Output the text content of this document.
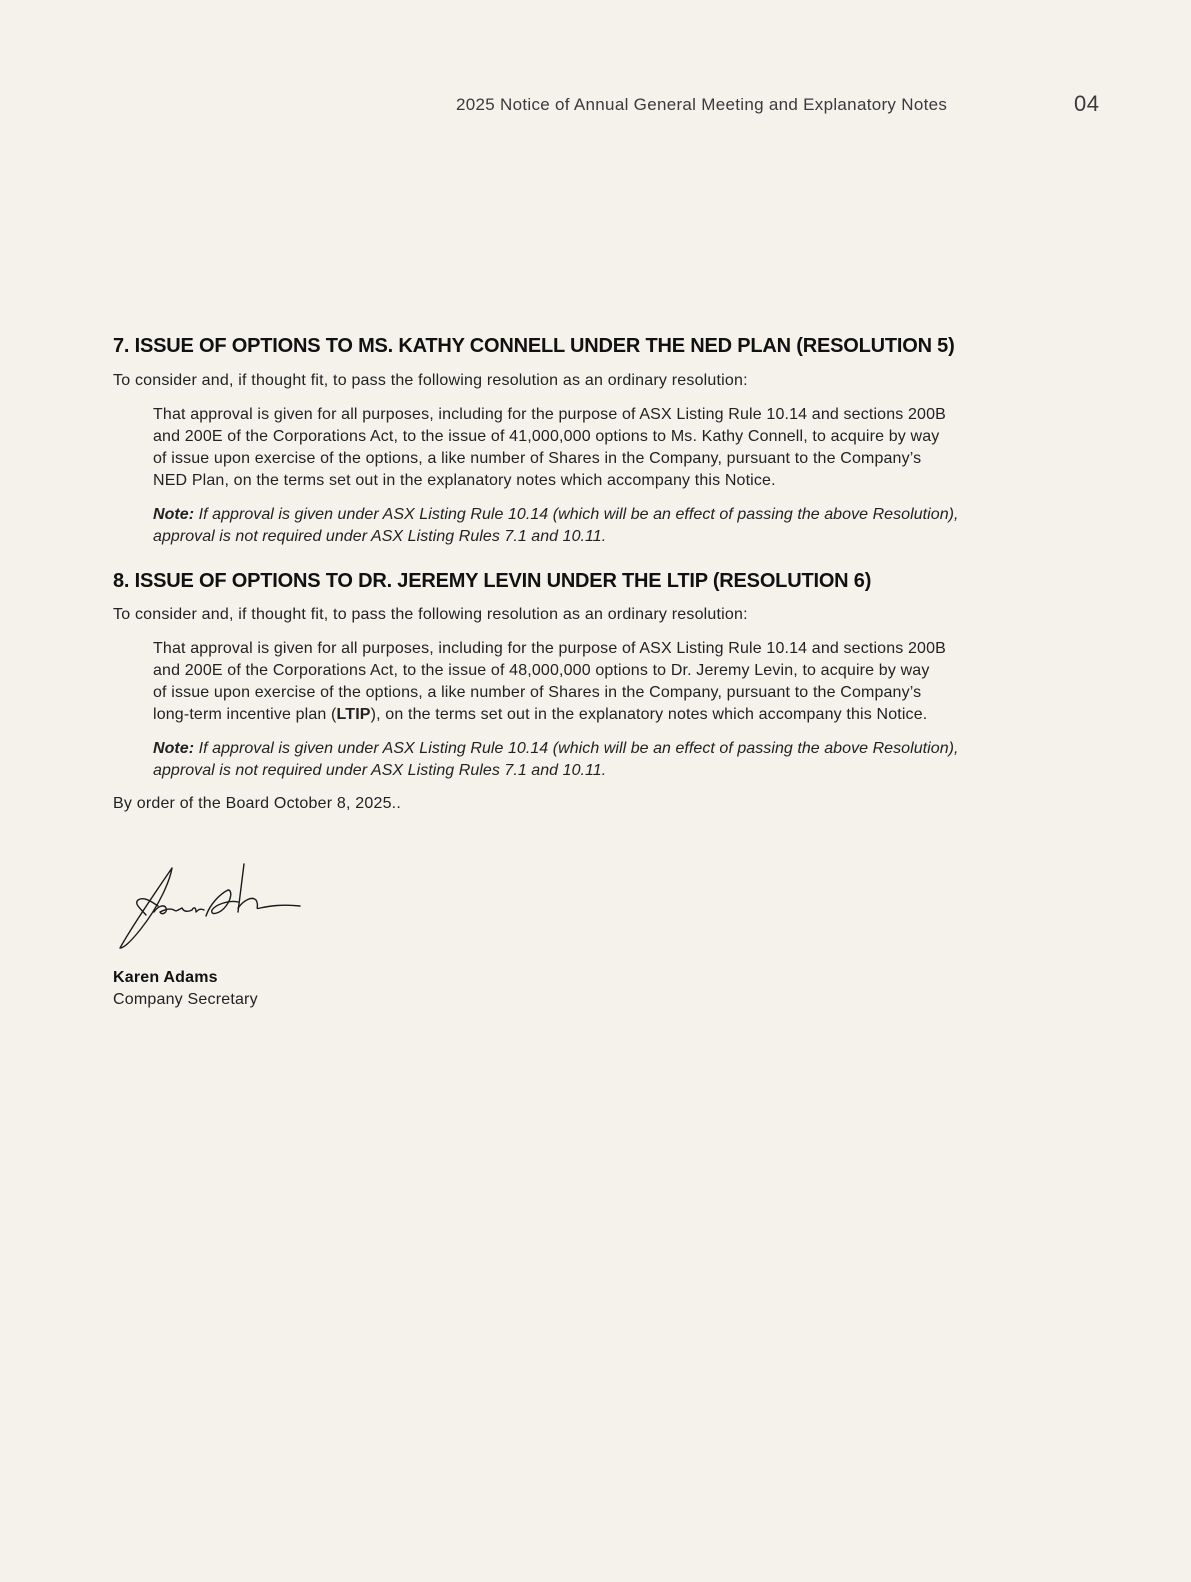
2025 Notice of Annual General Meeting and Explanatory Notes	04
7. ISSUE OF OPTIONS TO MS. KATHY CONNELL UNDER THE NED PLAN (RESOLUTION 5)
To consider and, if thought fit, to pass the following resolution as an ordinary resolution:
That approval is given for all purposes, including for the purpose of ASX Listing Rule 10.14 and sections 200B
and 200E of the Corporations Act, to the issue of 41,000,000 options to Ms. Kathy Connell, to acquire by way
of issue upon exercise of the options, a like number of Shares in the Company, pursuant to the Company’s
NED Plan, on the terms set out in the explanatory notes which accompany this Notice.
Note: If approval is given under ASX Listing Rule 10.14 (which will be an effect of passing the above Resolution),
approval is not required under ASX Listing Rules 7.1 and 10.11.
8. ISSUE OF OPTIONS TO DR. JEREMY LEVIN UNDER THE LTIP (RESOLUTION 6)
To consider and, if thought fit, to pass the following resolution as an ordinary resolution:
That approval is given for all purposes, including for the purpose of ASX Listing Rule 10.14 and sections 200B
and 200E of the Corporations Act, to the issue of 48,000,000 options to Dr. Jeremy Levin, to acquire by way
of issue upon exercise of the options, a like number of Shares in the Company, pursuant to the Company’s
long-term incentive plan (LTIP), on the terms set out in the explanatory notes which accompany this Notice.
Note: If approval is given under ASX Listing Rule 10.14 (which will be an effect of passing the above Resolution),
approval is not required under ASX Listing Rules 7.1 and 10.11.
By order of the Board October 8, 2025..
Karen Adams
Company Secretary
